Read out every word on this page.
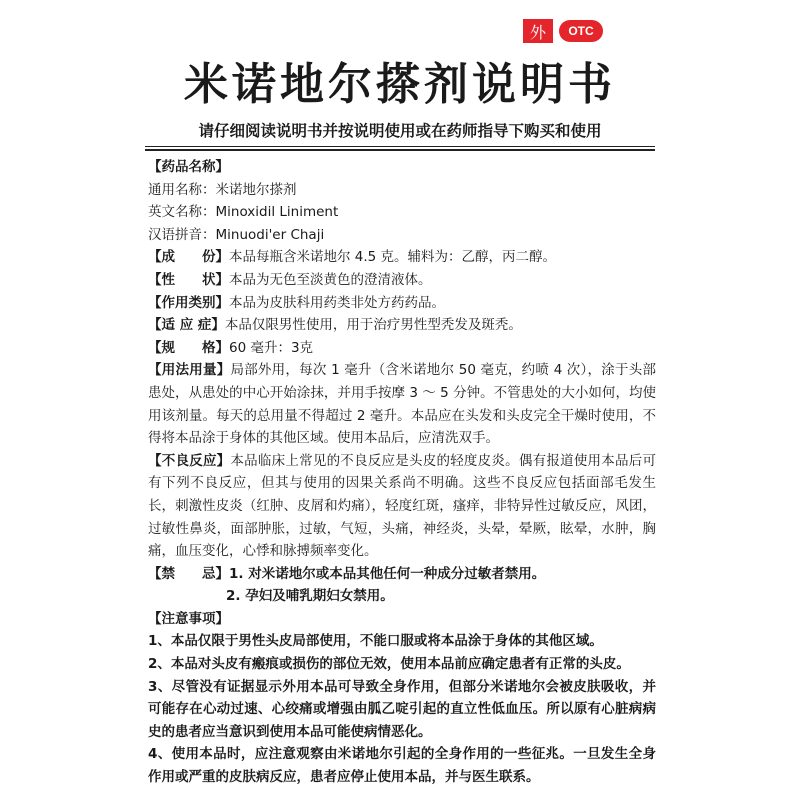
外	OTC
米诺地尔搽剂说明书
请仔细阅读说明书并按说明使用或在药师指导下购买和使用
【药品名称】
通用名称：米诺地尔搽剂
英文名称：Minoxidil Liniment
汉语拼音：Minuodi'er Chaji
【成　　份】本品每瓶含米诺地尔 4.5 克。辅料为：乙醇，丙二醇。
【性　　状】本品为无色至淡黄色的澄清液体。
【作用类别】本品为皮肤科用药类非处方药药品。
【适 应 症】本品仅限男性使用，用于治疗男性型秃发及斑秃。
【规　　格】60 毫升：3克
【用法用量】局部外用，每次 1 毫升（含米诺地尔 50 毫克，约喷 4 次），涂于头部患处，从患处的中心开始涂抹，并用手按摩 3 ～ 5 分钟。不管患处的大小如何，均使用该剂量。每天的总用量不得超过 2 毫升。本品应在头发和头皮完全干燥时使用，不得将本品涂于身体的其他区域。使用本品后，应清洗双手。
【不良反应】本品临床上常见的不良反应是头皮的轻度皮炎。偶有报道使用本品后可有下列不良反应，但其与使用的因果关系尚不明确。这些不良反应包括面部毛发生长，刺激性皮炎（红肿、皮屑和灼痛），轻度红斑，瘙痒，非特异性过敏反应，风团，过敏性鼻炎，面部肿胀，过敏，气短，头痛，神经炎，头晕，晕厥，眩晕，水肿，胸痛，血压变化，心悸和脉搏频率变化。
【禁　　忌】1. 对米诺地尔或本品其他任何一种成分过敏者禁用。
2. 孕妇及哺乳期妇女禁用。
【注意事项】
1、本品仅限于男性头皮局部使用，不能口服或将本品涂于身体的其他区域。
2、本品对头皮有瘢痕或损伤的部位无效，使用本品前应确定患者有正常的头皮。
3、尽管没有证据显示外用本品可导致全身作用，但部分米诺地尔会被皮肤吸收，并可能存在心动过速、心绞痛或增强由胍乙啶引起的直立性低血压。所以原有心脏病病史的患者应当意识到使用本品可能使病情恶化。
4、使用本品时，应注意观察由米诺地尔引起的全身作用的一些征兆。一旦发生全身作用或严重的皮肤病反应，患者应停止使用本品，并与医生联系。
